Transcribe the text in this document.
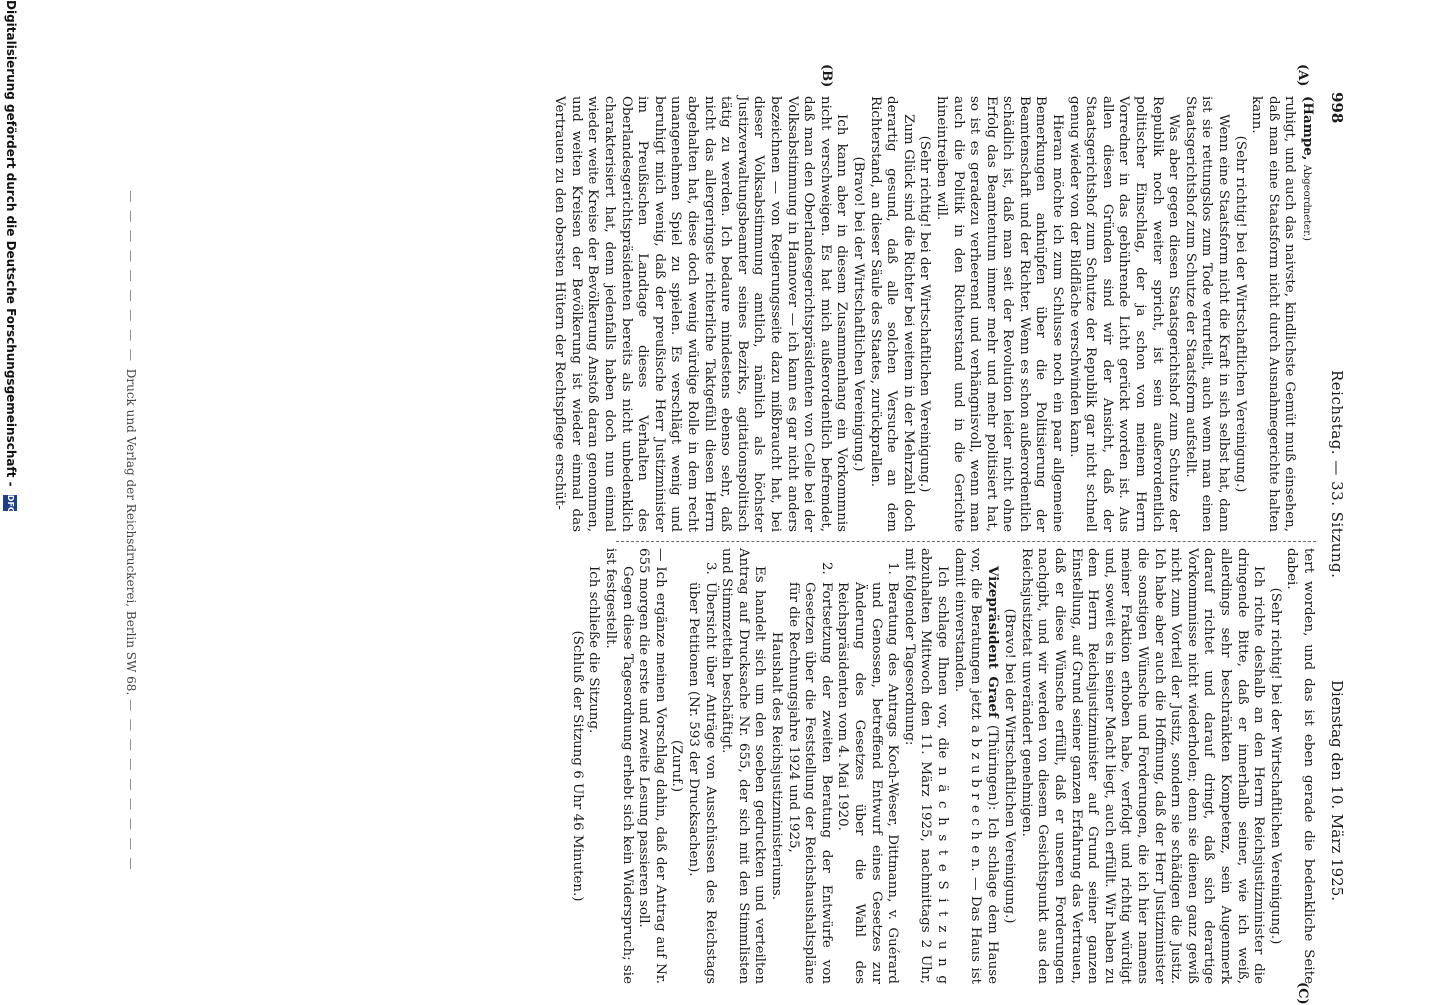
998
Reichstag. — 33. Sitzung.
Dienstag den 10. März 1925.
(A)
(B)
(C)

(Hampe, Abgeordneter.)

ruhigt, und auch das naivste, kindlichste Gemüt muß einsehen, daß man eine Staatsform nicht durch Ausnahmegerichte halten kann.

(Sehr richtig! bei der Wirtschaftlichen Vereinigung.)

Wenn eine Staatsform nicht die Kraft in sich selbst hat, dann ist sie rettungslos zum Tode verurteilt, auch wenn man einen Staatsgerichtshof zum Schutze der Staatsform aufstellt.

Was aber gegen diesen Staatsgerichtshof zum Schutze der Republik noch weiter spricht, ist sein außerordentlich politischer Einschlag, der ja schon von meinem Herrn Vorredner in das gebührende Licht gerückt worden ist. Aus allen diesen Gründen sind wir der Ansicht, daß der Staatsgerichtshof zum Schutze der Republik gar nicht schnell genug wieder von der Bildfläche verschwinden kann.

Hieran möchte ich zum Schlusse noch ein paar allgemeine Bemerkungen anknüpfen über die Politisierung der Beamtenschaft und der Richter. Wenn es schon außerordentlich schädlich ist, daß man seit der Revolution leider nicht ohne Erfolg das Beamtentum immer mehr und mehr politisiert hat, so ist es geradezu verheerend und verhängnisvoll, wenn man auch die Politik in den Richterstand und in die Gerichte hineintreiben will.

(Sehr richtig! bei der Wirtschaftlichen Vereinigung.)

Zum Glück sind die Richter bei weitem in der Mehrzahl doch derartig gesund, daß alle solchen Versuche an dem Richterstand, an dieser Säule des Staates, zurückprallen.

(Bravo! bei der Wirtschaftlichen Vereinigung.)

Ich kann aber in diesem Zusammenhang ein Vorkommnis nicht verschweigen. Es hat mich außerordentlich befremdet, daß man den Oberlandesgerichtspräsidenten von Celle bei der Volksabstimmung in Hannover — ich kann es gar nicht anders bezeichnen — von Regierungsseite dazu mißbraucht hat, bei dieser Volksabstimmung amtlich, nämlich als höchster Justizverwaltungsbeamter seines Bezirks, agitationspolitisch tätig zu werden. Ich bedaure mindestens ebenso sehr, daß nicht das allergeringste richterliche Taktgefühl diesen Herrn abgehalten hat, diese doch wenig würdige Rolle in dem recht unangenehmen Spiel zu spielen. Es verschlägt wenig und beruhigt mich wenig, daß der preußische Herr Justizminister im Preußischen Landtage dieses Verhalten des Oberlandesgerichtspräsidenten bereits als nicht unbedenklich charakterisiert hat, denn jedenfalls haben doch nun einmal wieder weite Kreise der Bevölkerung Anstoß daran genommen, und weiten Kreisen der Bevölkerung ist wieder einmal das Vertrauen zu den obersten Hütern der Rechtspflege erschüt-

tert worden, und das ist eben gerade die bedenkliche Seite dabei.

(Sehr richtig! bei der Wirtschaftlichen Vereinigung.)

Ich richte deshalb an den Herrn Reichsjustizminister die dringende Bitte, daß er innerhalb seiner, wie ich weiß, allerdings sehr beschränkten Kompetenz, sein Augenmerk darauf richtet und darauf dringt, daß sich derartige Vorkommnisse nicht wiederholen; denn sie dienen ganz gewiß nicht zum Vorteil der Justiz, sondern sie schädigen die Justiz. Ich habe aber auch die Hoffnung, daß der Herr Justizminister die sonstigen Wünsche und Forderungen, die ich hier namens meiner Fraktion erhoben habe, verfolgt und richtig würdigt und, soweit es in seiner Macht liegt, auch erfüllt. Wir haben zu dem Herrn Reichsjustizminister auf Grund seiner ganzen Einstellung, auf Grund seiner ganzen Erfahrung das Vertrauen, daß er diese Wünsche erfüllt, daß er unseren Forderungen nachgibt, und wir werden von diesem Gesichtspunkt aus den Reichsjustizetat unverändert genehmigen.

(Bravo! bei der Wirtschaftlichen Vereinigung.)

Vizepräsident Graef (Thüringen): Ich schlage dem Hause vor, die Beratungen jetzt a b z u b r e c h e n. — Das Haus ist damit einverstanden.

Ich schlage Ihnen vor, die n ä c h s t e S i t z u n g abzuhalten Mittwoch den 11. März 1925, nachmittags 2 Uhr, mit folgender Tagesordnung:

1.
Beratung des Antrags Koch-Weser, Dittmann, v. Guérard und Genossen, betreffend Entwurf eines Gesetzes zur Änderung des Gesetzes über die Wahl des Reichspräsidenten vom 4. Mai 1920.

2.
Fortsetzung der zweiten Beratung der Entwürfe von Gesetzen über die Feststellung der Reichshaushaltspläne für die Rechnungsjahre 1924 und 1925,

Haushalt des Reichsjustizministeriums.

Es handelt sich um den soeben gedruckten und verteilten Antrag auf Drucksache Nr. 655, der sich mit den Stimmlisten und Stimmzetteln beschäftigt.

3.
Übersicht über Anträge von Ausschüssen des Reichstags über Petitionen (Nr. 593 der Drucksachen).

(Zuruf.)

— Ich ergänze meinen Vorschlag dahin, daß der Antrag auf Nr. 655 morgen die erste und zweite Lesung passieren soll.

Gegen diese Tagesordnung erhebt sich kein Widerspruch; sie ist festgestellt.

Ich schließe die Sitzung.

(Schluß der Sitzung 6 Uhr 46 Minuten.)

— — — — — — — — — Druck und Verlag der Reichsdruckerei, Berlin SW 68. — — — — — — — — —
Digitalisierung gefördert durch die Deutsche Forschungsgemeinschaft - DFG
